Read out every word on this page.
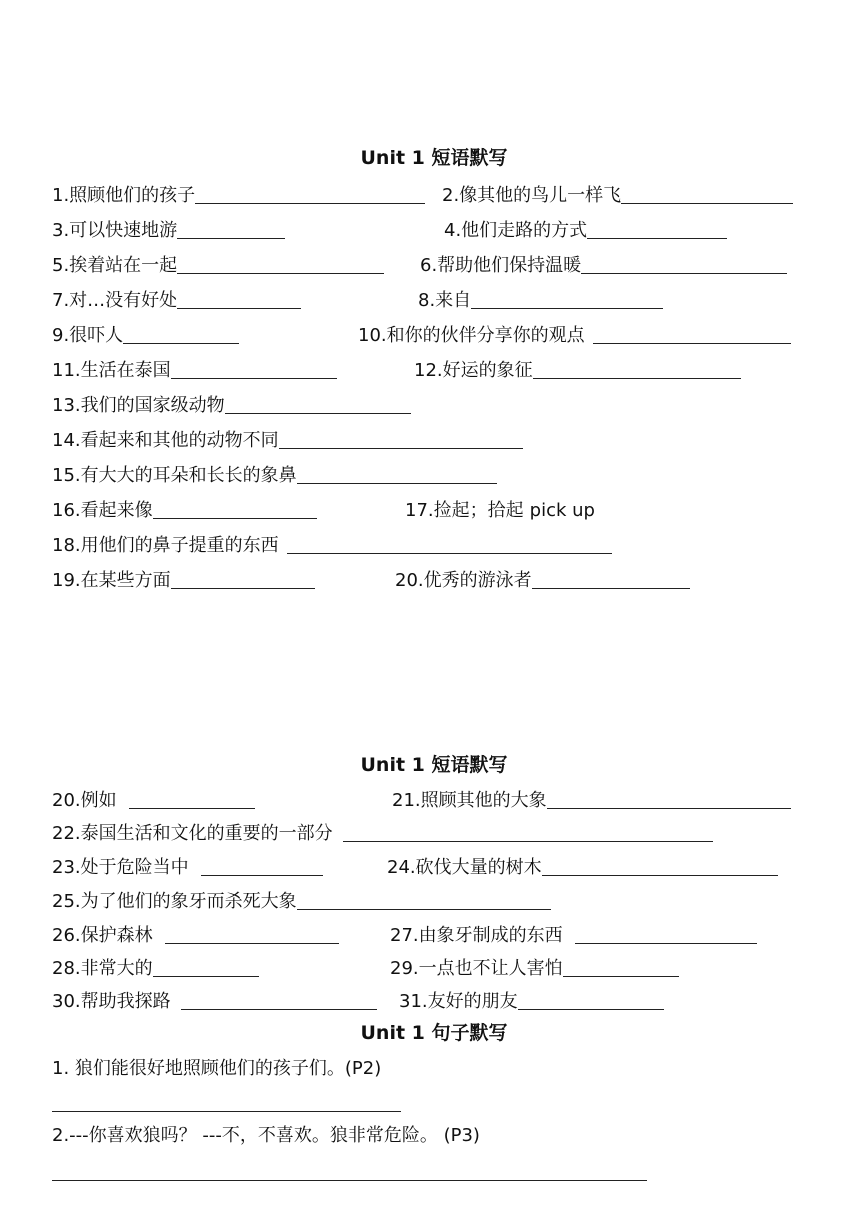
Unit 1 短语默写
1.照顾他们的孩子	2.像其他的鸟儿一样飞
3.可以快速地游	4.他们走路的方式
5.挨着站在一起	6.帮助他们保持温暖
7.对…没有好处	8.来自
9.很吓人	10.和你的伙伴分享你的观点
11.生活在泰国	12.好运的象征
13.我们的国家级动物
14.看起来和其他的动物不同
15.有大大的耳朵和长长的象鼻
16.看起来像	17.捡起；拾起 pick up
18.用他们的鼻子提重的东西
19.在某些方面	20.优秀的游泳者
Unit 1 短语默写
20.例如	21.照顾其他的大象
22.泰国生活和文化的重要的一部分
23.处于危险当中	24.砍伐大量的树木
25.为了他们的象牙而杀死大象
26.保护森林	27.由象牙制成的东西
28.非常大的	29.一点也不让人害怕
30.帮助我探路	31.友好的朋友
Unit 1 句子默写
1. 狼们能很好地照顾他们的孩子们。(P2)
2.---你喜欢狼吗？ ---不，不喜欢。狼非常危险。 (P3)
